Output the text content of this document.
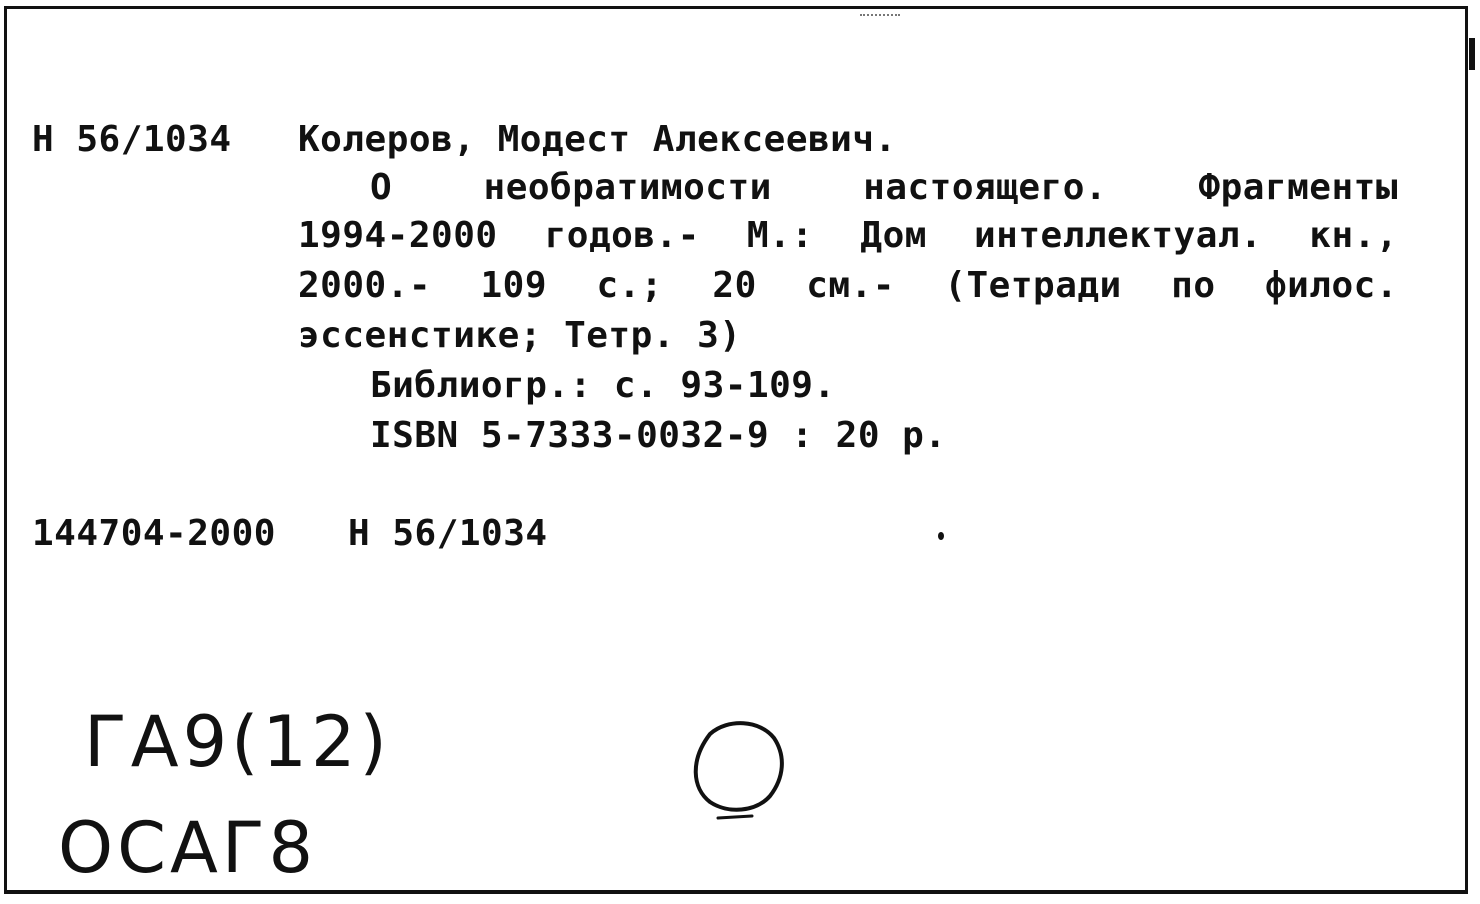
Н 56/1034 Колеров, Модест Алексеевич.
О необратимости настоящего. Фрагменты
1994-2000 годов.- М.: Дом интеллектуал. кн.,
2000.- 109 с.; 20 см.- (Тетради по филос.
эссенстике; Тетр. 3)
Библиогр.: с. 93-109.
ISBN 5-7333-0032-9 : 20 р.
144704-2000 Н 56/1034
ГА9(12)
ОСАГ8
